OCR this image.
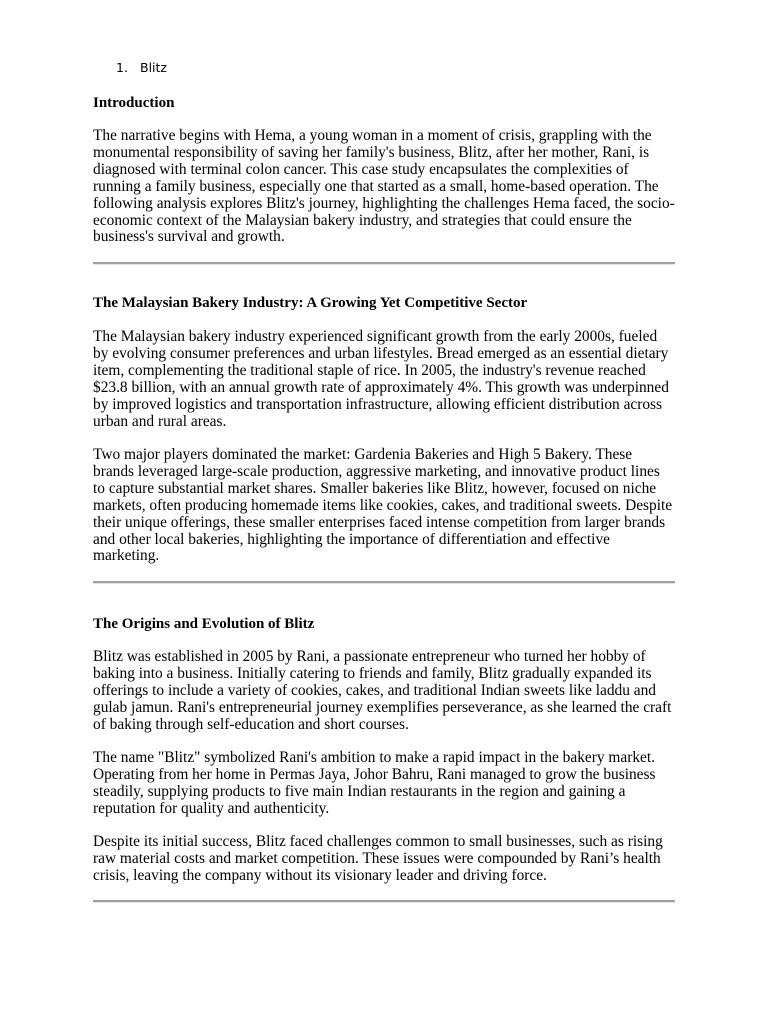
1. Blitz
Introduction

The narrative begins with Hema, a young woman in a moment of crisis, grappling with the monumental responsibility of saving her family's business, Blitz, after her mother, Rani, is diagnosed with terminal colon cancer. This case study encapsulates the complexities of running a family business, especially one that started as a small, home-based operation. The following analysis explores Blitz's journey, highlighting the challenges Hema faced, the socio-economic context of the Malaysian bakery industry, and strategies that could ensure the business's survival and growth.

The Malaysian Bakery Industry: A Growing Yet Competitive Sector

The Malaysian bakery industry experienced significant growth from the early 2000s, fueled by evolving consumer preferences and urban lifestyles. Bread emerged as an essential dietary item, complementing the traditional staple of rice. In 2005, the industry's revenue reached $23.8 billion, with an annual growth rate of approximately 4%. This growth was underpinned by improved logistics and transportation infrastructure, allowing efficient distribution across urban and rural areas.

Two major players dominated the market: Gardenia Bakeries and High 5 Bakery. These brands leveraged large-scale production, aggressive marketing, and innovative product lines to capture substantial market shares. Smaller bakeries like Blitz, however, focused on niche markets, often producing homemade items like cookies, cakes, and traditional sweets. Despite their unique offerings, these smaller enterprises faced intense competition from larger brands and other local bakeries, highlighting the importance of differentiation and effective marketing.

The Origins and Evolution of Blitz

Blitz was established in 2005 by Rani, a passionate entrepreneur who turned her hobby of baking into a business. Initially catering to friends and family, Blitz gradually expanded its offerings to include a variety of cookies, cakes, and traditional Indian sweets like laddu and gulab jamun. Rani's entrepreneurial journey exemplifies perseverance, as she learned the craft of baking through self-education and short courses.

The name "Blitz" symbolized Rani's ambition to make a rapid impact in the bakery market. Operating from her home in Permas Jaya, Johor Bahru, Rani managed to grow the business steadily, supplying products to five main Indian restaurants in the region and gaining a reputation for quality and authenticity.

Despite its initial success, Blitz faced challenges common to small businesses, such as rising raw material costs and market competition. These issues were compounded by Rani’s health crisis, leaving the company without its visionary leader and driving force.
